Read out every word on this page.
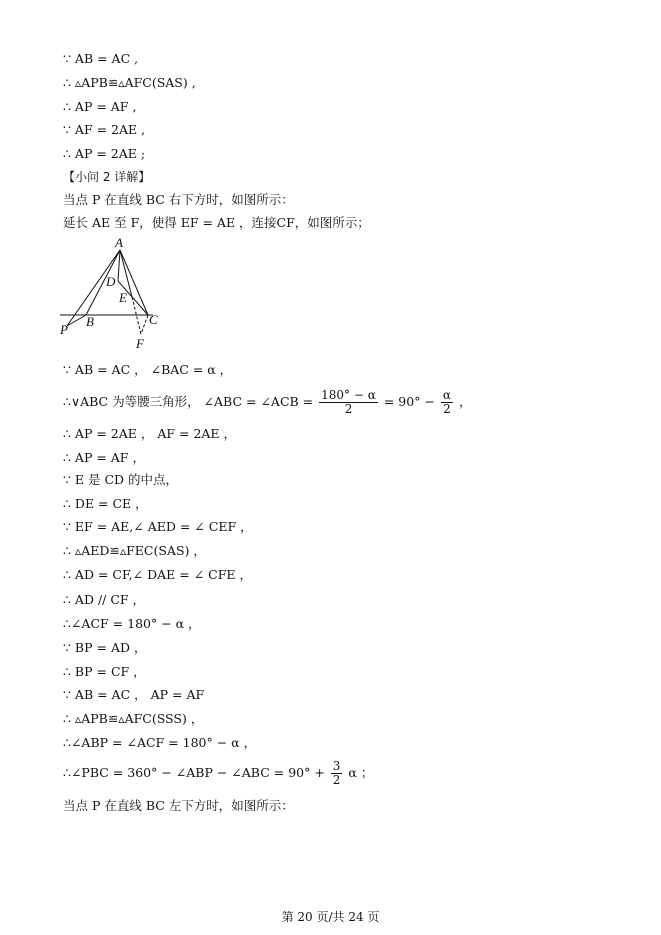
∵ AB = AC ,
∴ ▵APB≌▵AFC(SAS) ,
∴ AP = AF ,
∵ AF = 2AE ,
∴ AP = 2AE ;
【小问 2 详解】
当点 P 在直线 BC 右下方时，如图所示：
延长 AE 至 F，使得 EF = AE ，连接CF，如图所示；
A
D
E
B	C
P
F
∵ AB = AC ， ∠BAC = α ，
∴∨ABC 为等腰三角形， ∠ABC = ∠ACB = $\frac{180^\circ - \alpha}{2} = 90^\circ - \frac{\alpha}{2}$ ，
∴ AP = 2AE ， AF = 2AE ，
∴ AP = AF ，
∵ E 是 CD 的中点，
∴ DE = CE ，
∵ EF = AE,∠ AED = ∠ CEF ，
∴ ▵AED≌▵FEC(SAS) ，
∴ AD = CF,∠ DAE = ∠ CFE ，
∴ AD // CF ，
∴∠ACF = 180° − α ，
∵ BP = AD ，
∴ BP = CF ，
∵ AB = AC ， AP = AF
∴ ▵APB≌▵AFC(SSS) ，
∴∠ABP = ∠ACF = 180° − α ，
∴∠PBC = 360° − ∠ABP − ∠ABC = $90^\circ + \frac{3}{2}$ α ；
当点 P 在直线 BC 左下方时，如图所示：
第 20 页/共 24 页
